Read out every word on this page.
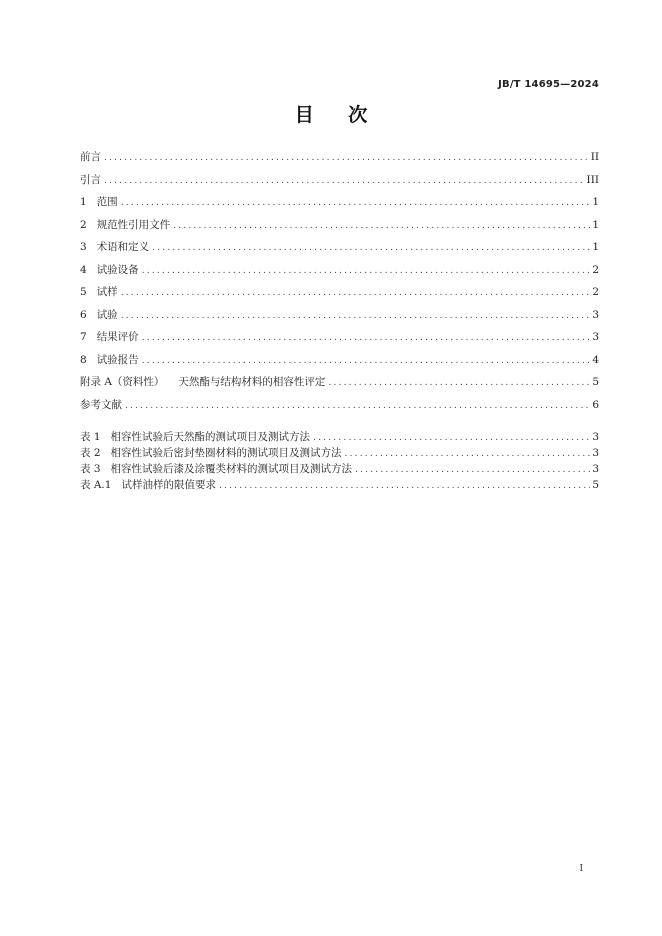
JB/T 14695—2024
目 次
前言 .....	II
引言 .....	III
1 范围 .....	1
2 规范性引用文件 .....	1
3 术语和定义 .....	1
4 试验设备 .....	2
5 试样 .....	2
6 试验 .....	3
7 结果评价 .....	3
8 试验报告 .....	4
附录 A（资料性） 天然酯与结构材料的相容性评定 .....	5
参考文献 .....	6
表 1 相容性试验后天然酯的测试项目及测试方法 .....	3
表 2 相容性试验后密封垫圈材料的测试项目及测试方法 .....	3
表 3 相容性试验后漆及涂覆类材料的测试项目及测试方法 .....	3
表 A.1 试样油样的限值要求 .....	5
I
